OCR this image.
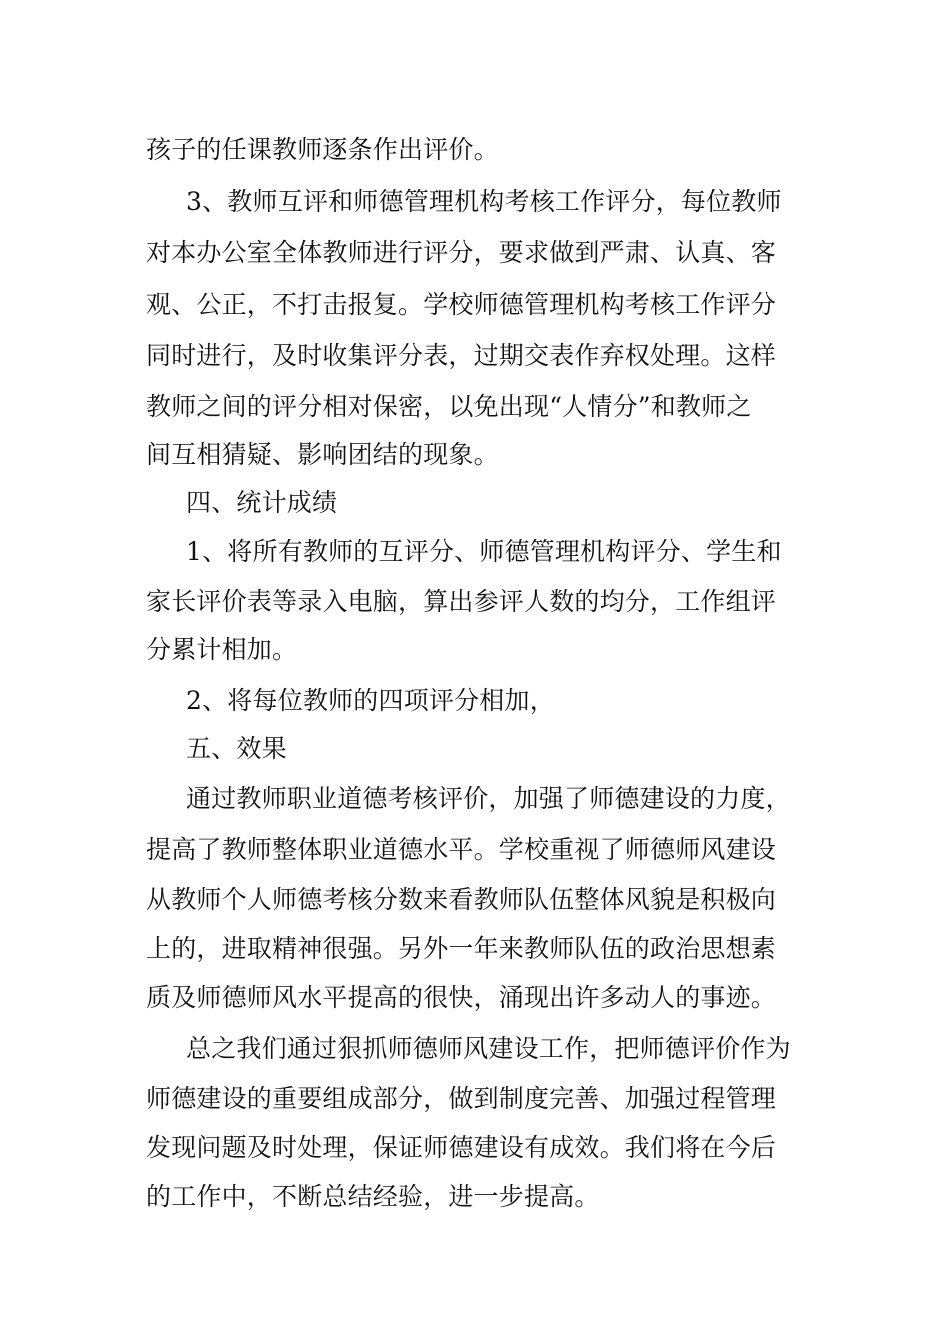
孩子的任课教师逐条作出评价。
3、教师互评和师德管理机构考核工作评分，每位教师
对本办公室全体教师进行评分，要求做到严肃、认真、客
观、公正，不打击报复。学校师德管理机构考核工作评分
同时进行，及时收集评分表，过期交表作弃权处理。这样
教师之间的评分相对保密，以免出现“人情分”和教师之
间互相猜疑、影响团结的现象。
四、统计成绩
1、将所有教师的互评分、师德管理机构评分、学生和
家长评价表等录入电脑，算出参评人数的均分，工作组评
分累计相加。
2、将每位教师的四项评分相加，
五、效果
通过教师职业道德考核评价，加强了师德建设的力度，
提高了教师整体职业道德水平。学校重视了师德师风建设
从教师个人师德考核分数来看教师队伍整体风貌是积极向
上的，进取精神很强。另外一年来教师队伍的政治思想素
质及师德师风水平提高的很快，涌现出许多动人的事迹。
总之我们通过狠抓师德师风建设工作，把师德评价作为
师德建设的重要组成部分，做到制度完善、加强过程管理
发现问题及时处理，保证师德建设有成效。我们将在今后
的工作中，不断总结经验，进一步提高。
